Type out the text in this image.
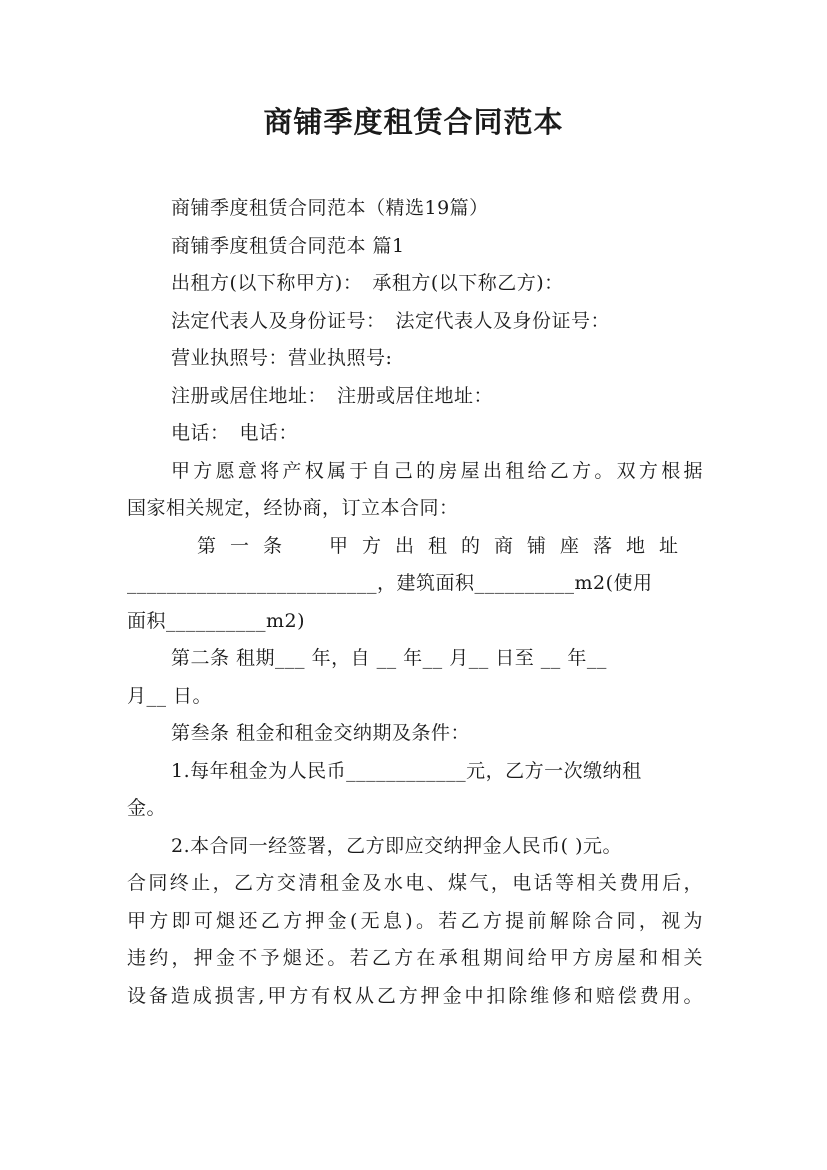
商铺季度租赁合同范本
商铺季度租赁合同范本（精选19篇）
商铺季度租赁合同范本 篇1
出租方(以下称甲方)：　承租方(以下称乙方)：
法定代表人及身份证号：　法定代表人及身份证号：
营业执照号：营业执照号:
注册或居住地址：　注册或居住地址：
电话：　电话：
甲方愿意将产权属于自己的房屋出租给乙方。双方根据
国家相关规定，经协商，订立本合同：
第一条　甲方出租的商铺座落地址
_________________________，建筑面积__________m2(使用
面积__________m2)
第二条 租期___ 年，自 __ 年__ 月__ 日至 __ 年__
月__ 日。
第叁条 租金和租金交纳期及条件：
1.每年租金为人民币____________元，乙方一次缴纳租
金。
2.本合同一经签署，乙方即应交纳押金人民币( )元。
合同终止，乙方交清租金及水电、煤气，电话等相关费用后，
甲方即可煺还乙方押金(无息)。若乙方提前解除合同，视为
违约，押金不予煺还。若乙方在承租期间给甲方房屋和相关
设备造成损害,甲方有权从乙方押金中扣除维修和赔偿费用。
